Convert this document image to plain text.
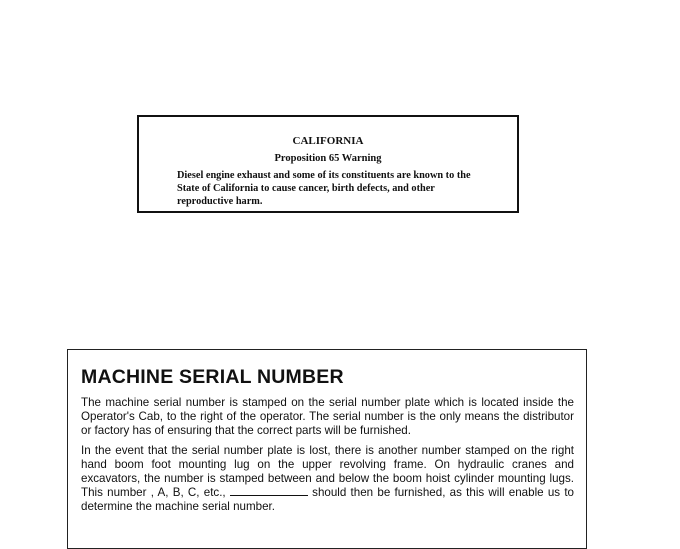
CALIFORNIA
Proposition 65 Warning
Diesel engine exhaust and some of its constituents are known to the State of California to cause cancer, birth defects, and other reproductive harm.
MACHINE SERIAL NUMBER
The machine serial number is stamped on the serial number plate which is located inside the Operator's Cab, to the right of the operator. The serial number is the only means the distributor or factory has of ensuring that the correct parts will be furnished.
In the event that the serial number plate is lost, there is another number stamped on the right hand boom foot mounting lug on the upper revolving frame. On hydraulic cranes and excavators, the number is stamped between and below the boom hoist cylinder mounting lugs. This number , A, B, C, etc.,	should then be furnished, as this will enable us to determine the machine serial number.
